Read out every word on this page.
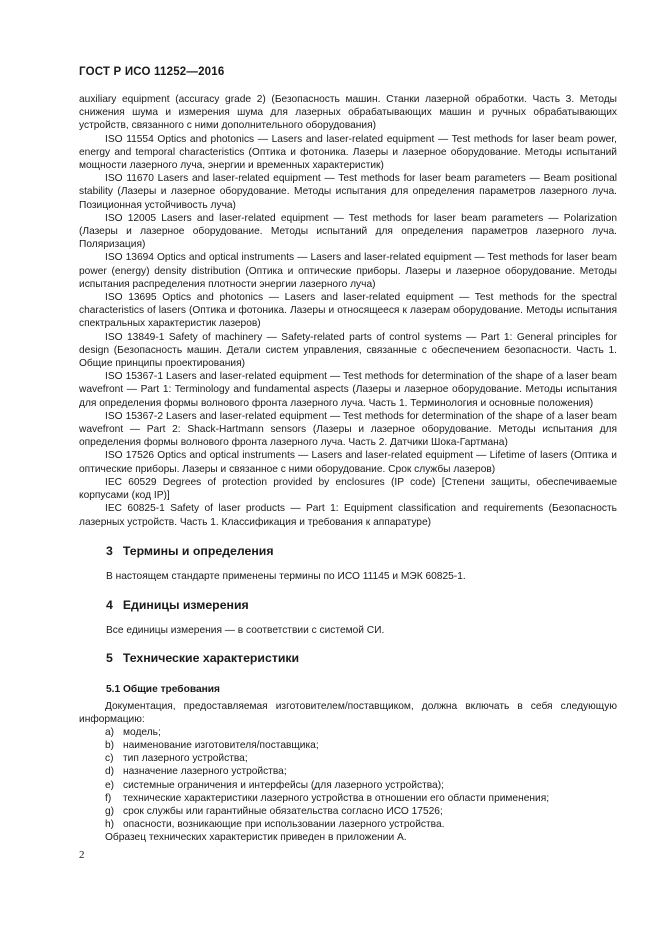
ГОСТ Р ИСО 11252—2016

auxiliary equipment (accuracy grade 2) (Безопасность машин. Станки лазерной обработки. Часть 3. Методы снижения шума и измерения шума для лазерных обрабатывающих машин и ручных обрабатывающих устройств, связанного с ними дополнительного оборудования)

ISO 11554 Optics and photonics — Lasers and laser-related equipment — Test methods for laser beam power, energy and temporal characteristics (Оптика и фотоника. Лазеры и лазерное оборудование. Методы испытаний мощности лазерного луча, энергии и временных характеристик)

ISO 11670 Lasers and laser-related equipment — Test methods for laser beam parameters — Beam positional stability (Лазеры и лазерное оборудование. Методы испытания для определения параметров лазерного луча. Позиционная устойчивость луча)

ISO 12005 Lasers and laser-related equipment — Test methods for laser beam parameters — Polarization (Лазеры и лазерное оборудование. Методы испытаний для определения параметров лазерного луча. Поляризация)

ISO 13694 Optics and optical instruments — Lasers and laser-related equipment — Test methods for laser beam power (energy) density distribution (Оптика и оптические приборы. Лазеры и лазерное оборудование. Методы испытания распределения плотности энергии лазерного луча)

ISO 13695 Optics and photonics — Lasers and laser-related equipment — Test methods for the spectral characteristics of lasers (Оптика и фотоника. Лазеры и относящееся к лазерам оборудование. Методы испытания спектральных характеристик лазеров)

ISO 13849-1 Safety of machinery — Safety-related parts of control systems — Part 1: General principles for design (Безопасность машин. Детали систем управления, связанные с обеспечением безопасности. Часть 1. Общие принципы проектирования)

ISO 15367-1 Lasers and laser-related equipment — Test methods for determination of the shape of a laser beam wavefront — Part 1: Terminology and fundamental aspects (Лазеры и лазерное оборудование. Методы испытания для определения формы волнового фронта лазерного луча. Часть 1. Терминология и основные положения)

ISO 15367-2 Lasers and laser-related equipment — Test methods for determination of the shape of a laser beam wavefront — Part 2: Shack-Hartmann sensors (Лазеры и лазерное оборудование. Методы испытания для определения формы волнового фронта лазерного луча. Часть 2. Датчики Шока-Гартмана)

ISO 17526 Optics and optical instruments — Lasers and laser-related equipment — Lifetime of lasers (Оптика и оптические приборы. Лазеры и связанное с ними оборудование. Срок службы лазеров)

IEC 60529 Degrees of protection provided by enclosures (IP code) [Степени защиты, обеспечиваемые корпусами (код IP)]

IEC 60825-1 Safety of laser products — Part 1: Equipment classification and requirements (Безопасность лазерных устройств. Часть 1. Классификация и требования к аппаратуре)

3 Термины и определения
В настоящем стандарте применены термины по ИСО 11145 и МЭК 60825-1.
4 Единицы измерения
Все единицы измерения — в соответствии с системой СИ.
5 Технические характеристики
5.1 Общие требования

Документация, предоставляемая изготовителем/поставщиком, должна включать в себя следующую информацию:

a) модель;

b) наименование изготовителя/поставщика;

c) тип лазерного устройства;

d) назначение лазерного устройства;

e) системные ограничения и интерфейсы (для лазерного устройства);

f) технические характеристики лазерного устройства в отношении его области применения;

g) срок службы или гарантийные обязательства согласно ИСО 17526;

h) опасности, возникающие при использовании лазерного устройства.

Образец технических характеристик приведен в приложении А.

2
